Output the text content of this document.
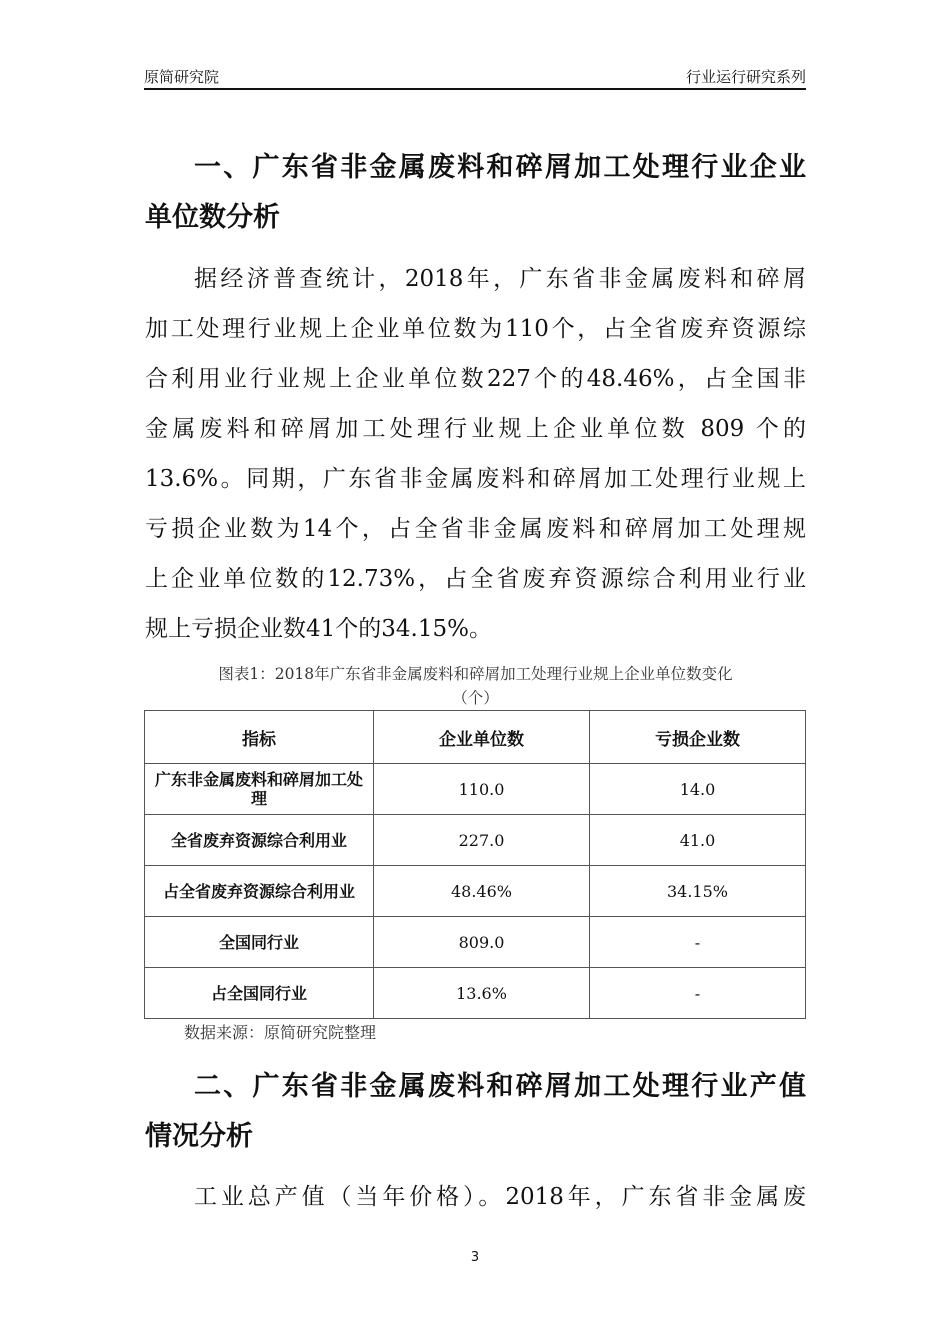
原简研究院	行业运行研究系列
一、广东省非金属废料和碎屑加工处理行业企业
单位数分析
据经济普查统计，2018年，广东省非金属废料和碎屑
加工处理行业规上企业单位数为110个，占全省废弃资源综
合利用业行业规上企业单位数227个的48.46%，占全国非
金属废料和碎屑加工处理行业规上企业单位数 809 个的
13.6%。同期，广东省非金属废料和碎屑加工处理行业规上
亏损企业数为14个，占全省非金属废料和碎屑加工处理规
上企业单位数的12.73%，占全省废弃资源综合利用业行业
规上亏损企业数41个的34.15%。
图表1：2018年广东省非金属废料和碎屑加工处理行业规上企业单位数变化
（个）
指标	企业单位数	亏损企业数
广东非金属废料和碎屑加工处理	110.0	14.0
全省废弃资源综合利用业	227.0	41.0
占全省废弃资源综合利用业	48.46%	34.15%
全国同行业	809.0	-
占全国同行业	13.6%	-
数据来源：原简研究院整理
二、广东省非金属废料和碎屑加工处理行业产值
情况分析
工业总产值（当年价格）。2018年，广东省非金属废
3
